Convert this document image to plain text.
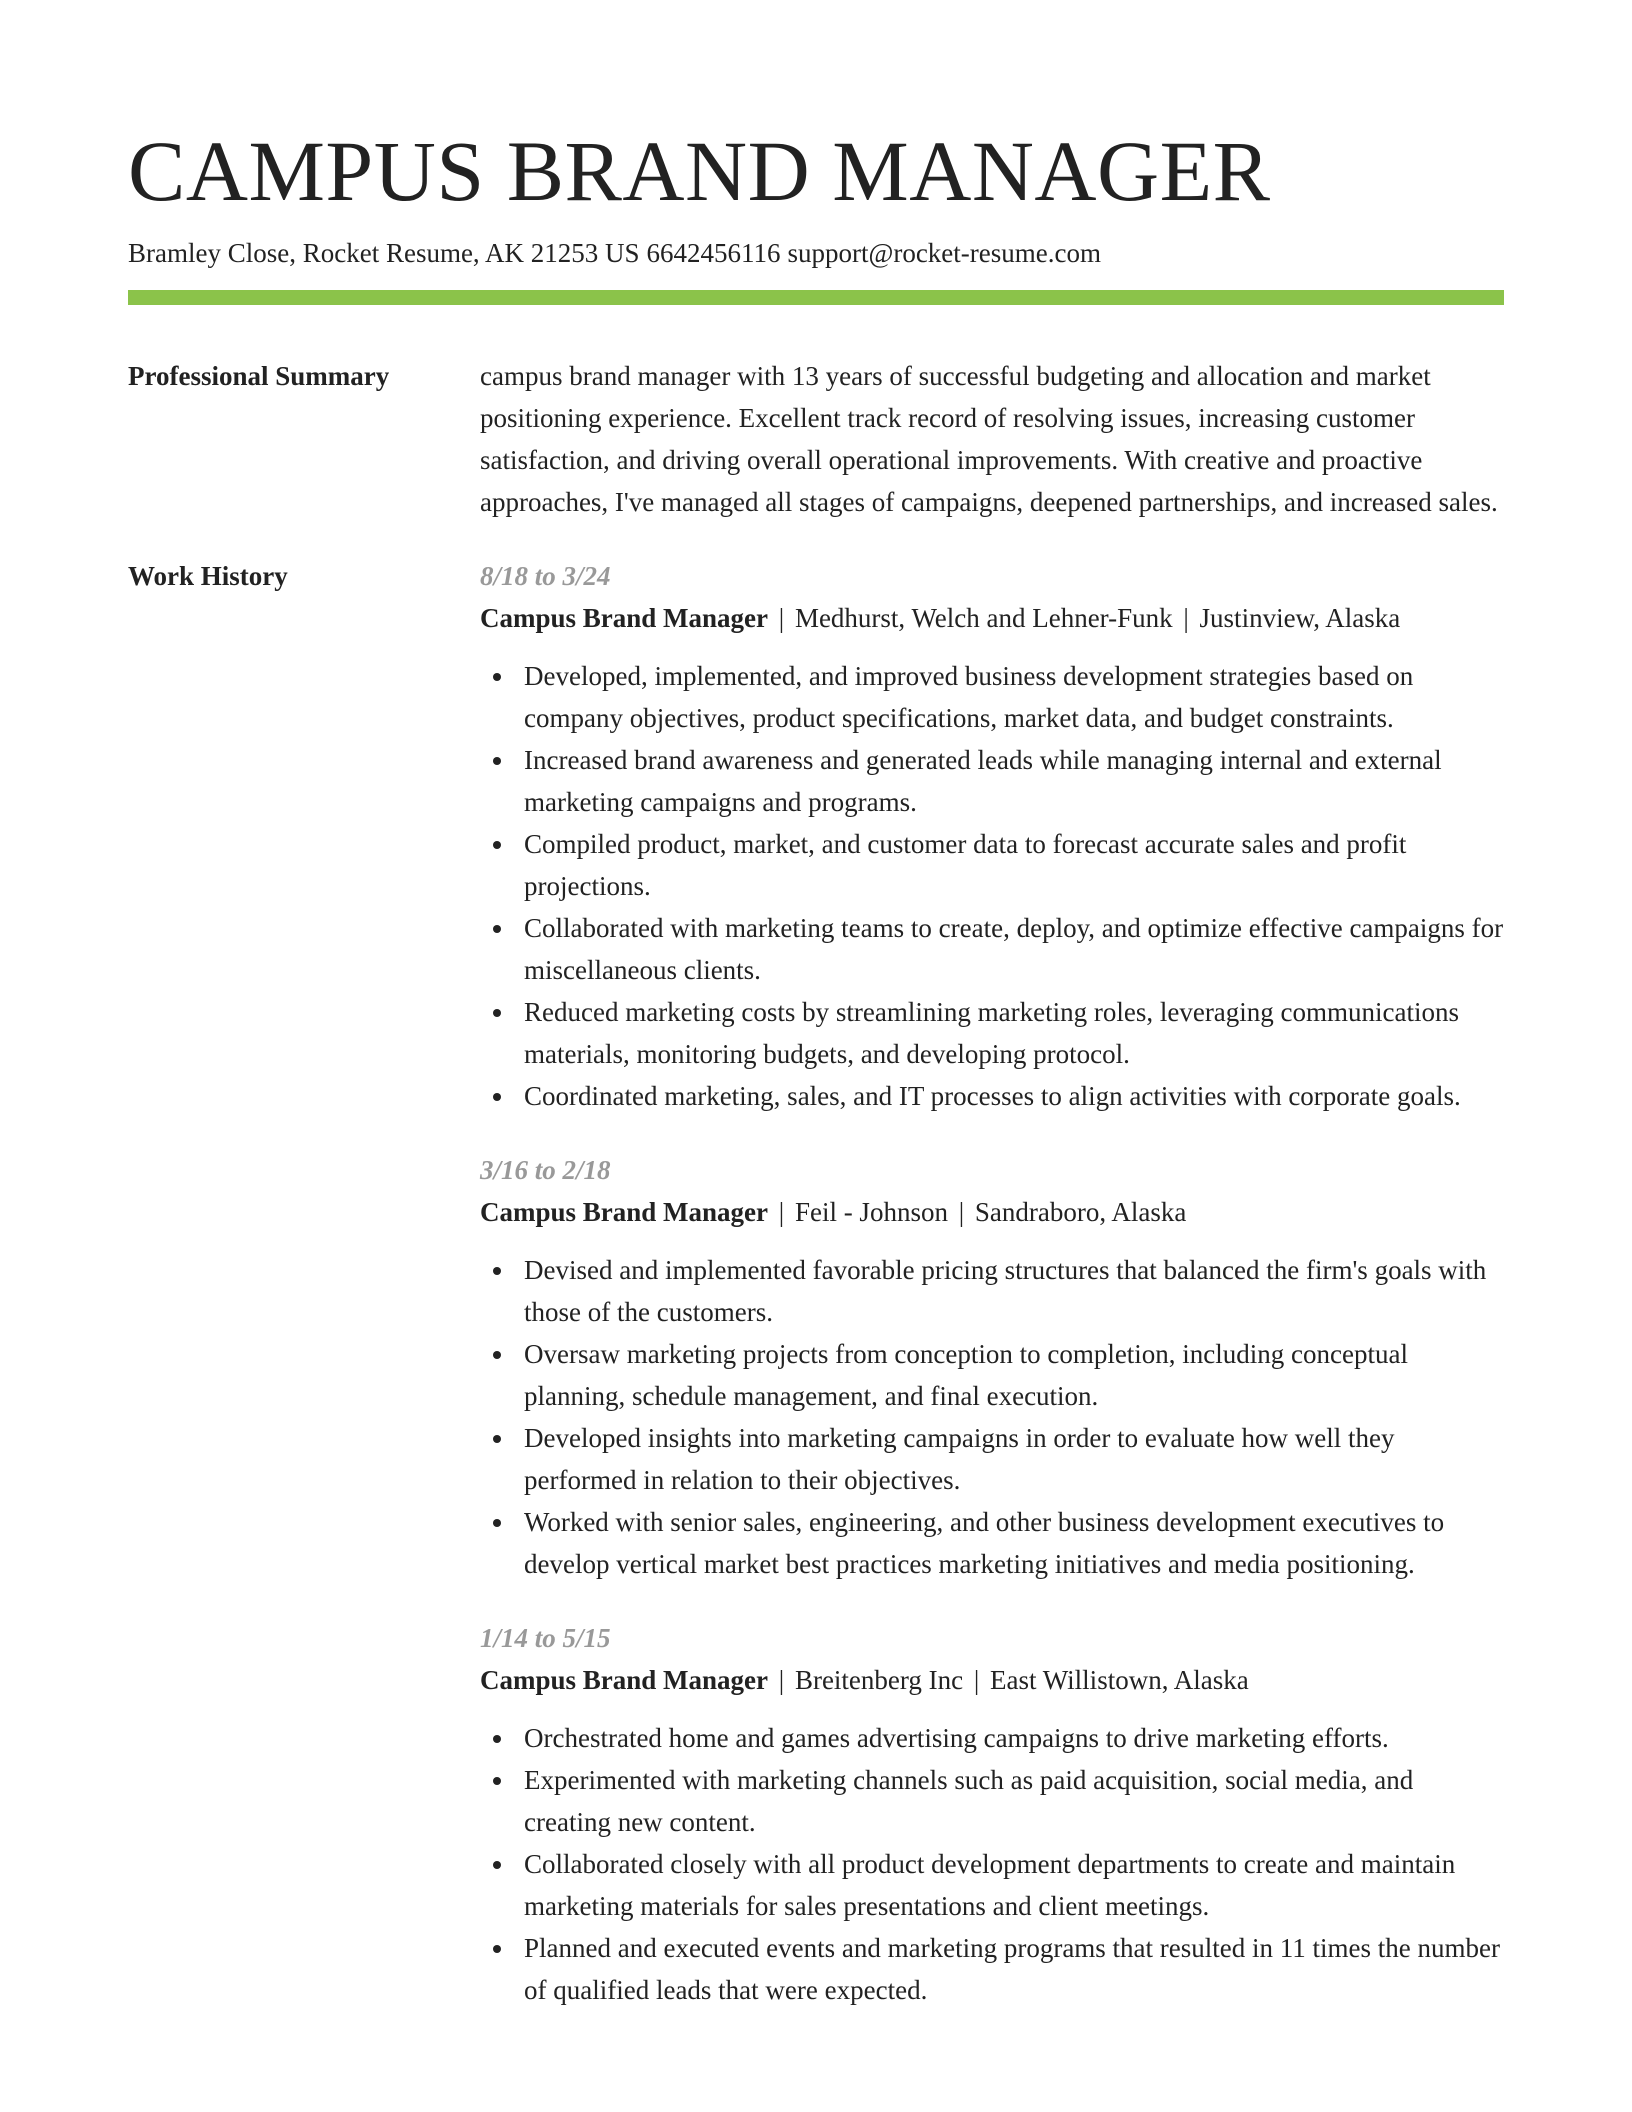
CAMPUS BRAND MANAGER
Bramley Close, Rocket Resume, AK 21253 US 6642456116 support@rocket-resume.com
Professional Summary	campus brand manager with 13 years of successful budgeting and allocation and market positioning experience. Excellent track record of resolving issues, increasing customer satisfaction, and driving overall operational improvements. With creative and proactive approaches, I've managed all stages of campaigns, deepened partnerships, and increased sales.

Work History	8/18 to 3/24
Campus Brand Manager | Medhurst, Welch and Lehner-Funk | Justinview, Alaska
Developed, implemented, and improved business development strategies based on company objectives, product specifications, market data, and budget constraints.
Increased brand awareness and generated leads while managing internal and external marketing campaigns and programs.
Compiled product, market, and customer data to forecast accurate sales and profit projections.
Collaborated with marketing teams to create, deploy, and optimize effective campaigns for miscellaneous clients.
Reduced marketing costs by streamlining marketing roles, leveraging communications materials, monitoring budgets, and developing protocol.
Coordinated marketing, sales, and IT processes to align activities with corporate goals.
3/16 to 2/18
Campus Brand Manager | Feil - Johnson | Sandraboro, Alaska
Devised and implemented favorable pricing structures that balanced the firm's goals with those of the customers.
Oversaw marketing projects from conception to completion, including conceptual planning, schedule management, and final execution.
Developed insights into marketing campaigns in order to evaluate how well they performed in relation to their objectives.
Worked with senior sales, engineering, and other business development executives to develop vertical market best practices marketing initiatives and media positioning.
1/14 to 5/15
Campus Brand Manager | Breitenberg Inc | East Willistown, Alaska
Orchestrated home and games advertising campaigns to drive marketing efforts.
Experimented with marketing channels such as paid acquisition, social media, and creating new content.
Collaborated closely with all product development departments to create and maintain marketing materials for sales presentations and client meetings.
Planned and executed events and marketing programs that resulted in 11 times the number of qualified leads that were expected.
